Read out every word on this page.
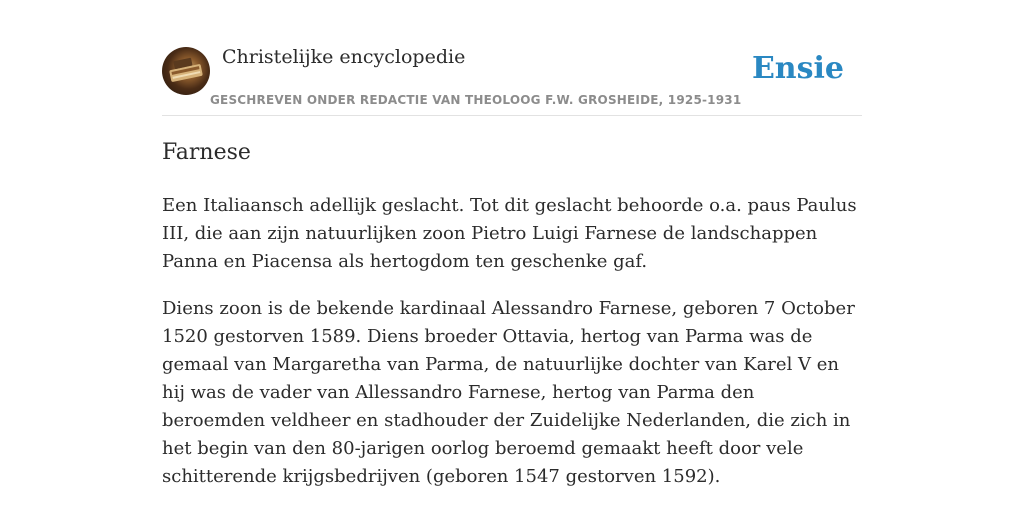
Christelijke encyclopedie
GESCHREVEN ONDER REDACTIE VAN THEOLOOG F.W. GROSHEIDE, 1925-1931
Ensie
Farnese

Een Italiaansch adellijk geslacht. Tot dit geslacht behoorde o.a. paus Paulus III, die aan zijn natuurlijken zoon Pietro Luigi Farnese de landschappen Panna en Piacensa als hertogdom ten geschenke gaf.

Diens zoon is de bekende kardinaal Alessandro Farnese, geboren 7 October 1520 gestorven 1589. Diens broeder Ottavia, hertog van Parma was de gemaal van Margaretha van Parma, de natuurlijke dochter van Karel V en hij was de vader van Allessandro Farnese, hertog van Parma den beroemden veldheer en stadhouder der Zuidelijke Nederlanden, die zich in het begin van den 80-jarigen oorlog beroemd gemaakt heeft door vele schitterende krijgsbedrijven (geboren 1547 gestorven 1592).
